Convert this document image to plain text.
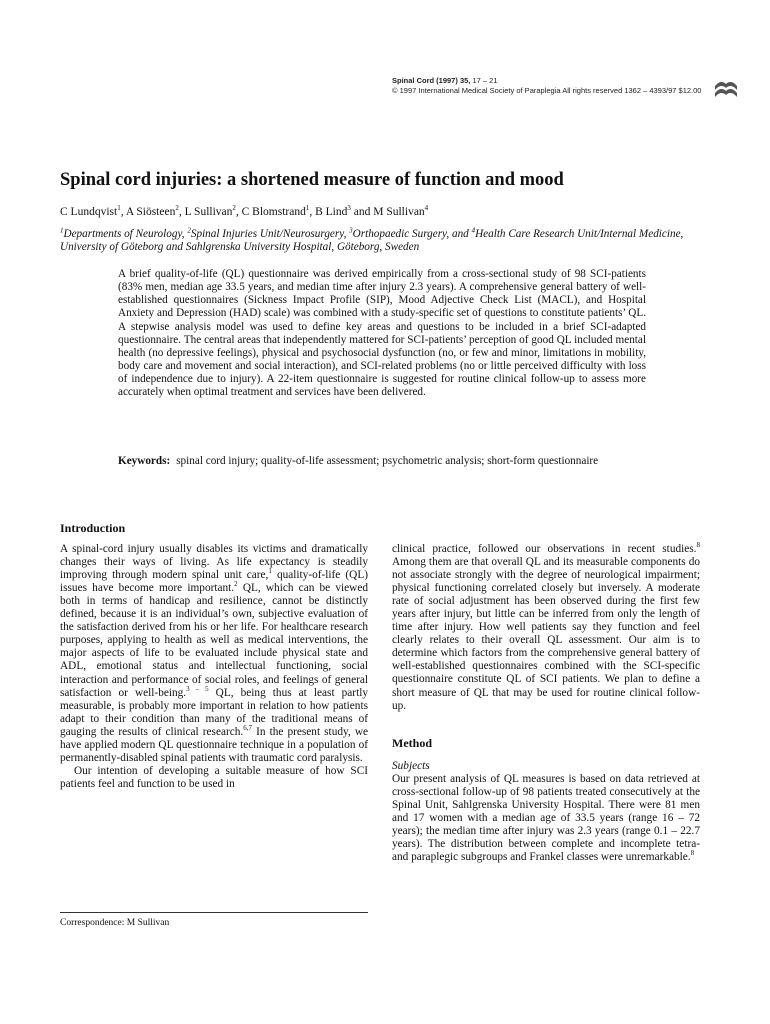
Spinal Cord (1997) 35, 17 – 21
© 1997 International Medical Society of Paraplegia All rights reserved 1362 – 4393/97 $12.00
Spinal cord injuries: a shortened measure of function and mood
C Lundqvist$^1$, A Siösteen$^2$, L Sullivan$^2$, C Blomstrand$^1$, B Lind$^3$ and M Sullivan$^4$
$^1$Departments of Neurology, $^2$Spinal Injuries Unit/Neurosurgery, $^3$Orthopaedic Surgery, and $^4$Health Care Research Unit/Internal Medicine, University of Göteborg and Sahlgrenska University Hospital, Göteborg, Sweden
A brief quality-of-life (QL) questionnaire was derived empirically from a cross-sectional study of 98 SCI-patients (83% men, median age 33.5 years, and median time after injury 2.3 years). A comprehensive general battery of well-established questionnaires (Sickness Impact Profile (SIP), Mood Adjective Check List (MACL), and Hospital Anxiety and Depression (HAD) scale) was combined with a study-specific set of questions to constitute patients’ QL. A stepwise analysis model was used to define key areas and questions to be included in a brief SCI-adapted questionnaire. The central areas that independently mattered for SCI-patients’ perception of good QL included mental health (no depressive feelings), physical and psychosocial dysfunction (no, or few and minor, limitations in mobility, body care and movement and social interaction), and SCI-related problems (no or little perceived difficulty with loss of independence due to injury). A 22-item questionnaire is suggested for routine clinical follow-up to assess more accurately when optimal treatment and services have been delivered.
Keywords: spinal cord injury; quality-of-life assessment; psychometric analysis; short-form questionnaire
Introduction

A spinal-cord injury usually disables its victims and dramatically changes their ways of living. As life expectancy is steadily improving through modern spinal unit care,$^1$ quality-of-life (QL) issues have become more important.$^2$ QL, which can be viewed both in terms of handicap and resilience, cannot be distinctly defined, because it is an individual’s own, subjective evaluation of the satisfaction derived from his or her life. For healthcare research purposes, applying to health as well as medical interventions, the major aspects of life to be evaluated include physical state and ADL, emotional status and intellectual functioning, social interaction and performance of social roles, and feelings of general satisfaction or well-being.$^{3 - 5}$ QL, being thus at least partly measurable, is probably more important in relation to how patients adapt to their condition than many of the traditional means of gauging the results of clinical research.$^{6,7}$ In the present study, we have applied modern QL questionnaire technique in a population of permanently-disabled spinal patients with traumatic cord paralysis.

Our intention of developing a suitable measure of how SCI patients feel and function to be used in

clinical practice, followed our observations in recent studies.$^8$ Among them are that overall QL and its measurable components do not associate strongly with the degree of neurological impairment; physical functioning correlated closely but inversely. A moderate rate of social adjustment has been observed during the first few years after injury, but little can be inferred from only the length of time after injury. How well patients say they function and feel clearly relates to their overall QL assessment. Our aim is to determine which factors from the comprehensive general battery of well-established questionnaires combined with the SCI-specific questionnaire constitute QL of SCI patients. We plan to define a short measure of QL that may be used for routine clinical follow-up.

Method
Subjects

Our present analysis of QL measures is based on data retrieved at cross-sectional follow-up of 98 patients treated consecutively at the Spinal Unit, Sahlgrenska University Hospital. There were 81 men and 17 women with a median age of 33.5 years (range 16 – 72 years); the median time after injury was 2.3 years (range 0.1 – 22.7 years). The distribution between complete and incomplete tetra- and paraplegic subgroups and Frankel classes were unremarkable.$^8$

Correspondence: M Sullivan
